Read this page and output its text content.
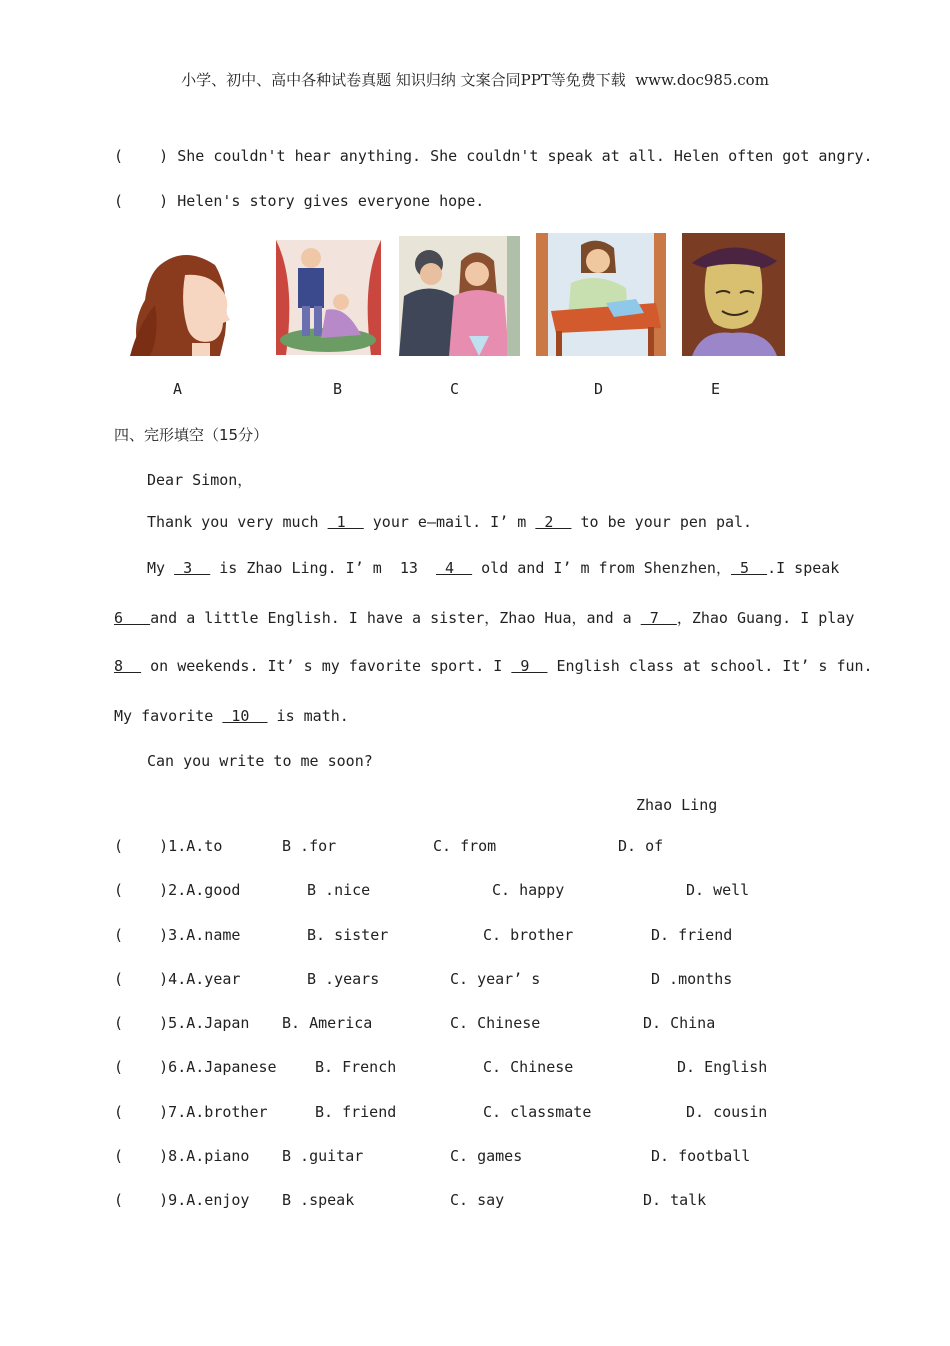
小学、初中、高中各种试卷真题 知识归纳 文案合同PPT等免费下载  www.doc985.com
(    ) She couldn't hear anything. She couldn't speak at all. Helen often got angry.
(    ) Helen's story gives everyone hope.
A	B	C	D	E
四、完形填空（15分）
Dear Simon，
Thank you very much  1   your e—mail. I’ m  2   to be your pen pal.
My  3   is Zhao Ling. I’ m  13   4   old and I’ m from Shenzhen， 5  .I speak
6   and a little English. I have a sister，Zhao Hua，and a  7  ，Zhao Guang. I play
8   on weekends. It’ s my favorite sport. I  9   English class at school. It’ s fun.
My favorite  10   is math.
Can you write to me soon?
Zhao Ling
(    )1.A.to	B .for	C. from	D. of
(    )2.A.good	B .nice	C. happy	D. well
(    )3.A.name	B. sister	C. brother	D. friend
(    )4.A.year	B .years	C. year’ s	D .months
(    )5.A.Japan B. America	C. Chinese	D. China
(    )6.A.Japanese	B. French	C. Chinese	D. English
(    )7.A.brother	B. friend	C. classmate	D. cousin
(    )8.A.piano B .guitar	C. games	D. football
(    )9.A.enjoy B .speak	C. say	D. talk
